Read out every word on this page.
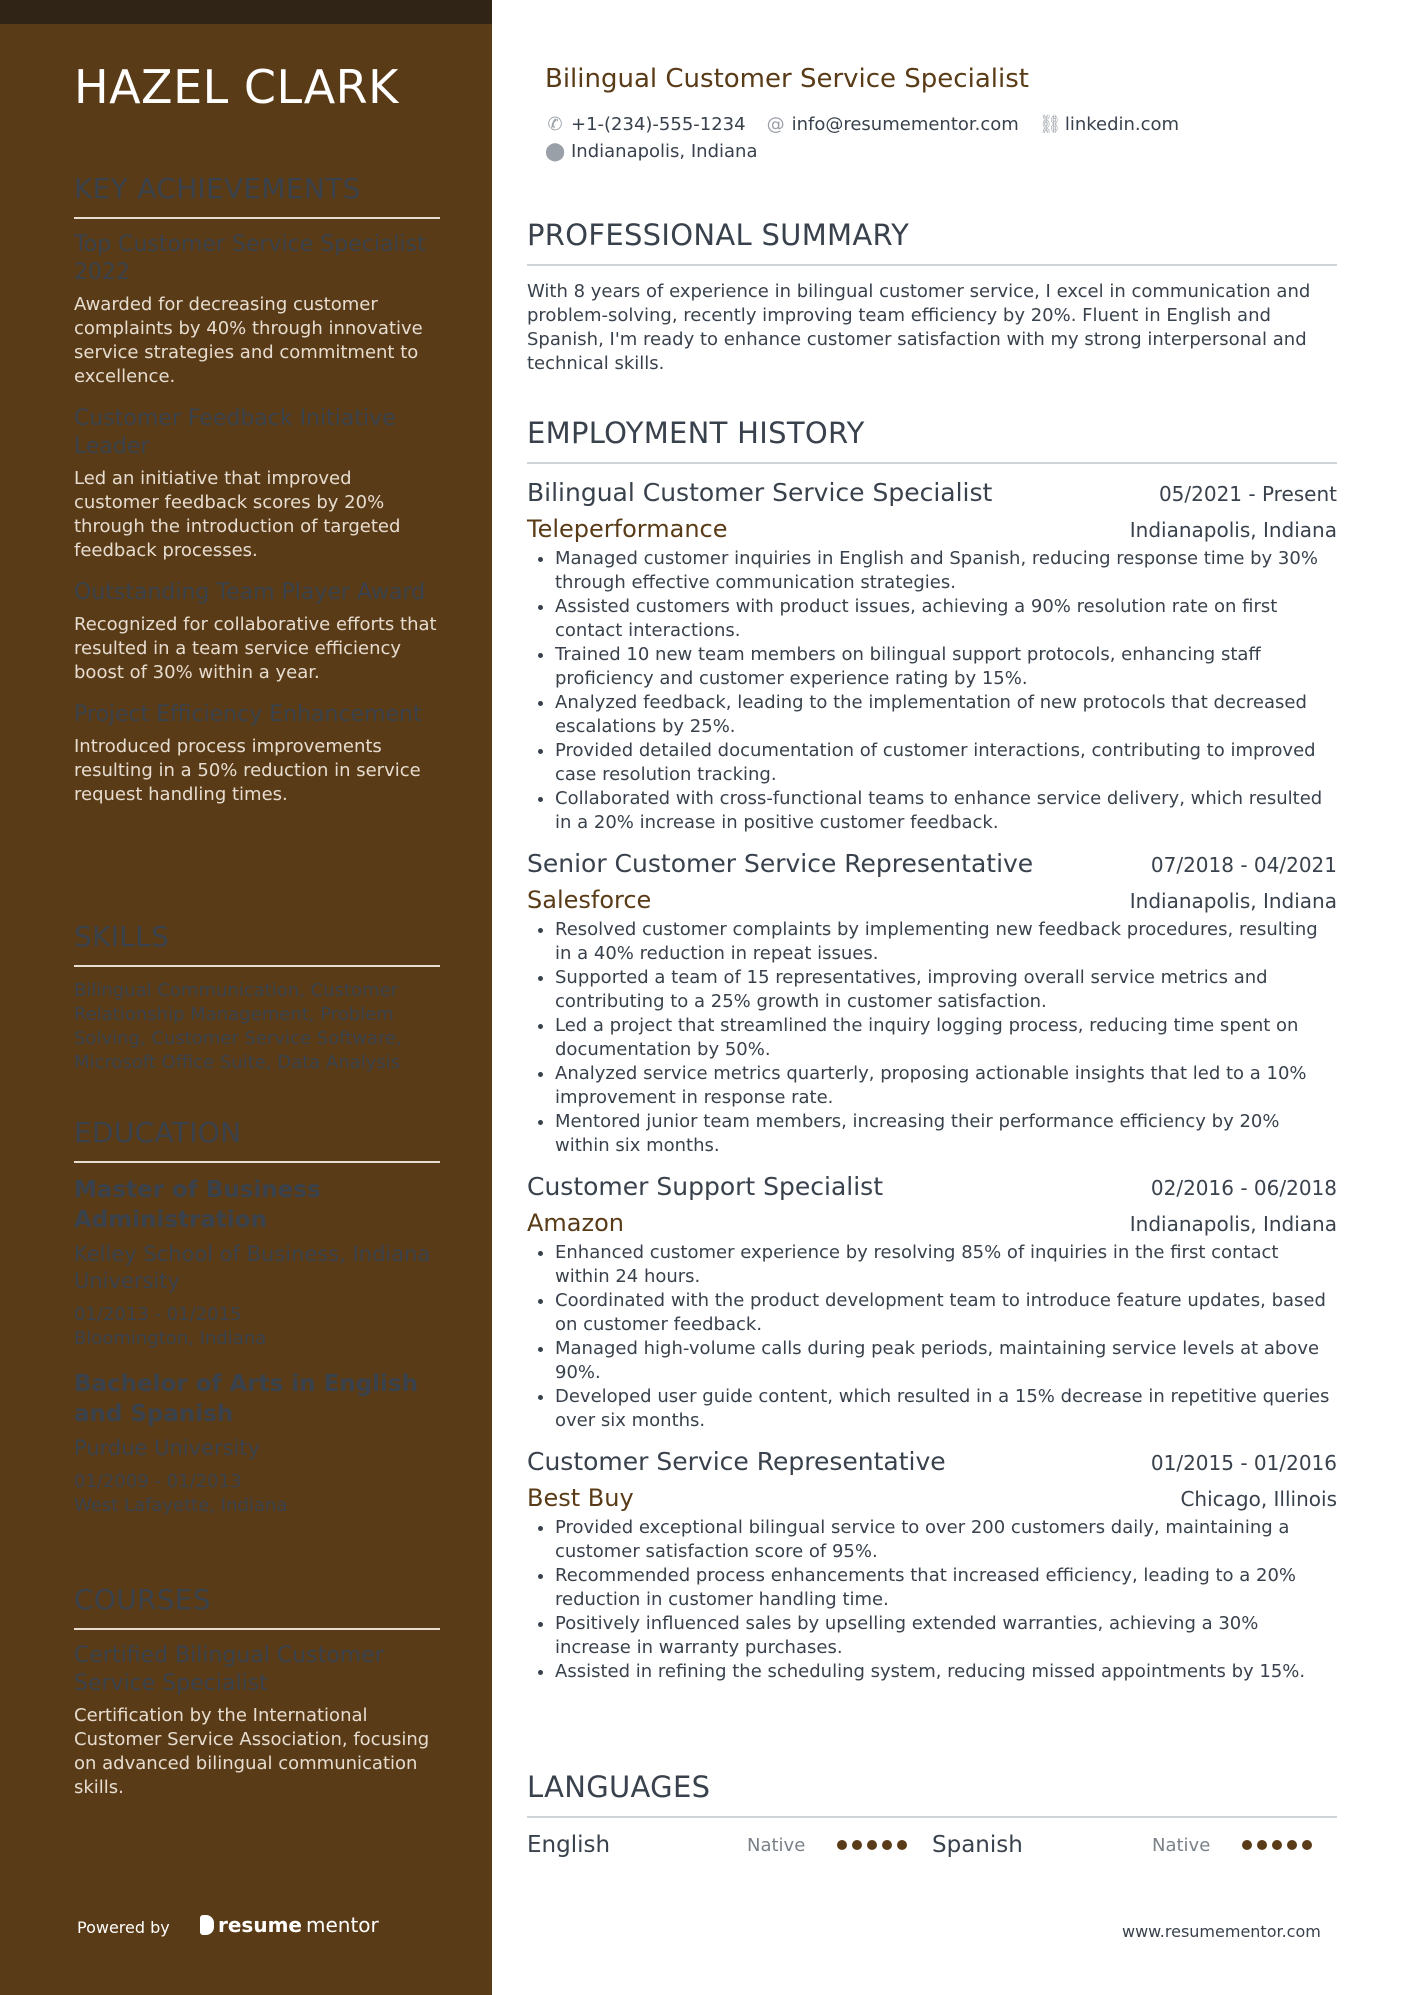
HAZEL CLARK
KEY ACHIEVEMENTS
Top Customer Service Specialist 2022
Awarded for decreasing customer complaints by 40% through innovative service strategies and commitment to excellence.
Customer Feedback Initiative Leader
Led an initiative that improved customer feedback scores by 20% through the introduction of targeted feedback processes.
Outstanding Team Player Award
Recognized for collaborative efforts that resulted in a team service efficiency boost of 30% within a year.
Project Efficiency Enhancement
Introduced process improvements resulting in a 50% reduction in service request handling times.
SKILLS
Bilingual Communication, Customer Relationship Management, Problem Solving, Customer Service Software, Microsoft Office Suite, Data Analysis
EDUCATION
Master of Business Administration
Kelley School of Business, Indiana University
01/2013 - 01/2015
Bloomington, Indiana
Bachelor of Arts in English and Spanish
Purdue University
01/2009 - 01/2013
West Lafayette, Indiana
COURSES
Certified Bilingual Customer Service Specialist
Certification by the International Customer Service Association, focusing on advanced bilingual communication skills.
Powered by resume mentor
Bilingual Customer Service Specialist
✆ +1-(234)-555-1234 @ info@resumementor.com ⛓ linkedin.com
⬤ Indianapolis, Indiana
PROFESSIONAL SUMMARY
With 8 years of experience in bilingual customer service, I excel in communication and problem-solving, recently improving team efficiency by 20%. Fluent in English and Spanish, I'm ready to enhance customer satisfaction with my strong interpersonal and technical skills.
EMPLOYMENT HISTORY
Bilingual Customer Service Specialist	05/2021 - Present
Teleperformance	Indianapolis, Indiana
• Managed customer inquiries in English and Spanish, reducing response time by 30% through effective communication strategies.
• Assisted customers with product issues, achieving a 90% resolution rate on first contact interactions.
• Trained 10 new team members on bilingual support protocols, enhancing staff proficiency and customer experience rating by 15%.
• Analyzed feedback, leading to the implementation of new protocols that decreased escalations by 25%.
• Provided detailed documentation of customer interactions, contributing to improved case resolution tracking.
• Collaborated with cross-functional teams to enhance service delivery, which resulted in a 20% increase in positive customer feedback.
Senior Customer Service Representative	07/2018 - 04/2021
Salesforce	Indianapolis, Indiana
• Resolved customer complaints by implementing new feedback procedures, resulting in a 40% reduction in repeat issues.
• Supported a team of 15 representatives, improving overall service metrics and contributing to a 25% growth in customer satisfaction.
• Led a project that streamlined the inquiry logging process, reducing time spent on documentation by 50%.
• Analyzed service metrics quarterly, proposing actionable insights that led to a 10% improvement in response rate.
• Mentored junior team members, increasing their performance efficiency by 20% within six months.
Customer Support Specialist	02/2016 - 06/2018
Amazon	Indianapolis, Indiana
• Enhanced customer experience by resolving 85% of inquiries in the first contact within 24 hours.
• Coordinated with the product development team to introduce feature updates, based on customer feedback.
• Managed high-volume calls during peak periods, maintaining service levels at above 90%.
• Developed user guide content, which resulted in a 15% decrease in repetitive queries over six months.
Customer Service Representative	01/2015 - 01/2016
Best Buy	Chicago, Illinois
• Provided exceptional bilingual service to over 200 customers daily, maintaining a customer satisfaction score of 95%.
• Recommended process enhancements that increased efficiency, leading to a 20% reduction in customer handling time.
• Positively influenced sales by upselling extended warranties, achieving a 30% increase in warranty purchases.
• Assisted in refining the scheduling system, reducing missed appointments by 15%.
LANGUAGES
English	Native	Spanish	Native
www.resumementor.com
